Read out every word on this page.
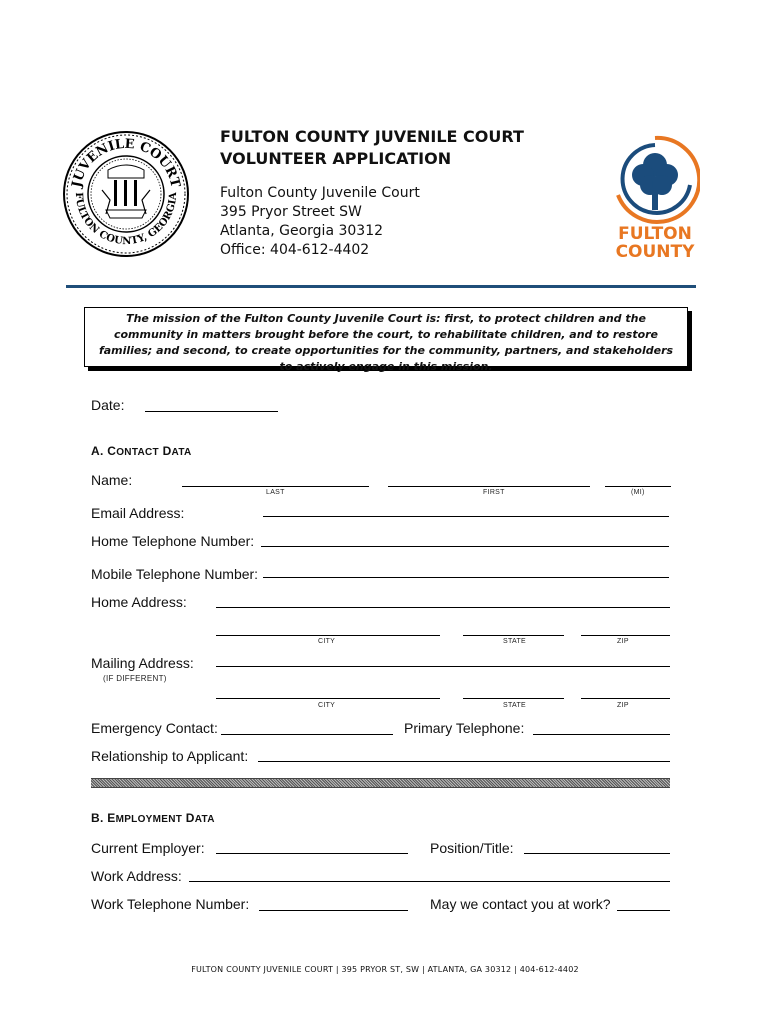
JUVENILE COURT
FULTON COUNTY, GEORGIA
FULTON COUNTY JUVENILE COURT
VOLUNTEER APPLICATION
Fulton County Juvenile Court
395 Pryor Street SW
Atlanta, Georgia 30312
Office: 404-612-4402
FULTON
COUNTY
The mission of the Fulton County Juvenile Court is: first, to protect children and the community in matters brought before the court, to rehabilitate children, and to restore families; and second, to create opportunities for the community, partners, and stakeholders to actively engage in this mission.
Date:
A. CONTACT DATA
Name:
LAST	FIRST	(MI)
Email Address:
Home Telephone Number:
Mobile Telephone Number:
Home Address:
CITY	STATE	ZIP
Mailing Address:
(IF DIFFERENT)
CITY	STATE	ZIP
Emergency Contact:	Primary Telephone:
Relationship to Applicant:
B. EMPLOYMENT DATA
Current Employer:	Position/Title:
Work Address:
Work Telephone Number:	May we contact you at work?
FULTON COUNTY JUVENILE COURT | 395 PRYOR ST, SW | ATLANTA, GA 30312 | 404-612-4402
